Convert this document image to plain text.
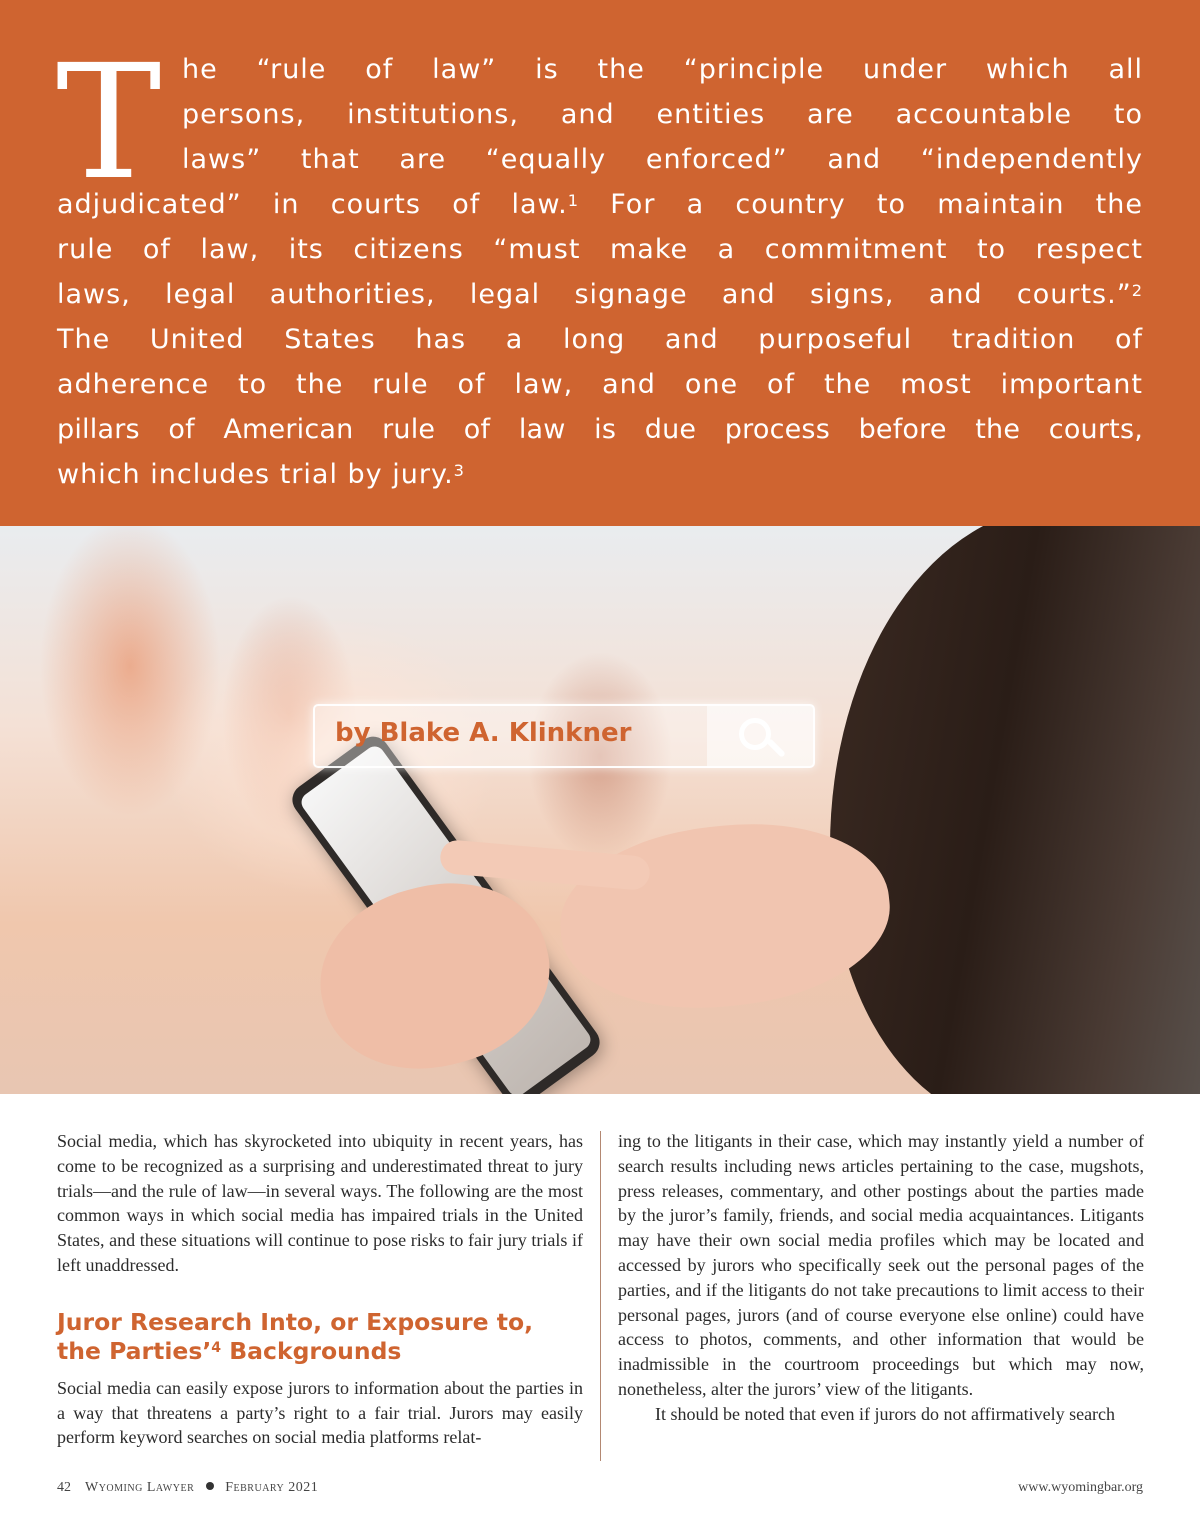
T he “rule of law” is the “principle under which all
persons, institutions, and entities are accountable to
laws” that are “equally enforced” and “independently
adjudicated” in courts of law.$^1$ For a country to maintain the
rule of law, its citizens “must make a commitment to respect
laws, legal authorities, legal signage and signs, and courts.”$^2$
The United States has a long and purposeful tradition of
adherence to the rule of law, and one of the most important
pillars of American rule of law is due process before the courts,
which includes trial by jury.$^3$
by Blake A. Klinkner

Social media, which has skyrocketed into ubiquity in recent years, has come to be recognized as a surprising and underestimated threat to jury trials—and the rule of law—in several ways. The following are the most common ways in which social media has impaired trials in the United States, and these situations will continue to pose risks to fair jury trials if left unaddressed.

Juror Research Into, or Exposure to, the Parties’$^4$ Backgrounds

Social media can easily expose jurors to information about the parties in a way that threatens a party’s right to a fair trial. Jurors may easily perform keyword searches on social media platforms relat-

ing to the litigants in their case, which may instantly yield a number of search results including news articles pertaining to the case, mugshots, press releases, commentary, and other postings about the parties made by the juror’s family, friends, and social media acquaintances. Litigants may have their own social media profiles which may be located and accessed by jurors who specifically seek out the personal pages of the parties, and if the litigants do not take precautions to limit access to their personal pages, jurors (and of course everyone else online) could have access to photos, comments, and other information that would be inadmissible in the courtroom proceedings but which may now, nonetheless, alter the jurors’ view of the litigants.

It should be noted that even if jurors do not affirmatively search

42 Wyoming Lawyer February 2021	www.wyomingbar.org
